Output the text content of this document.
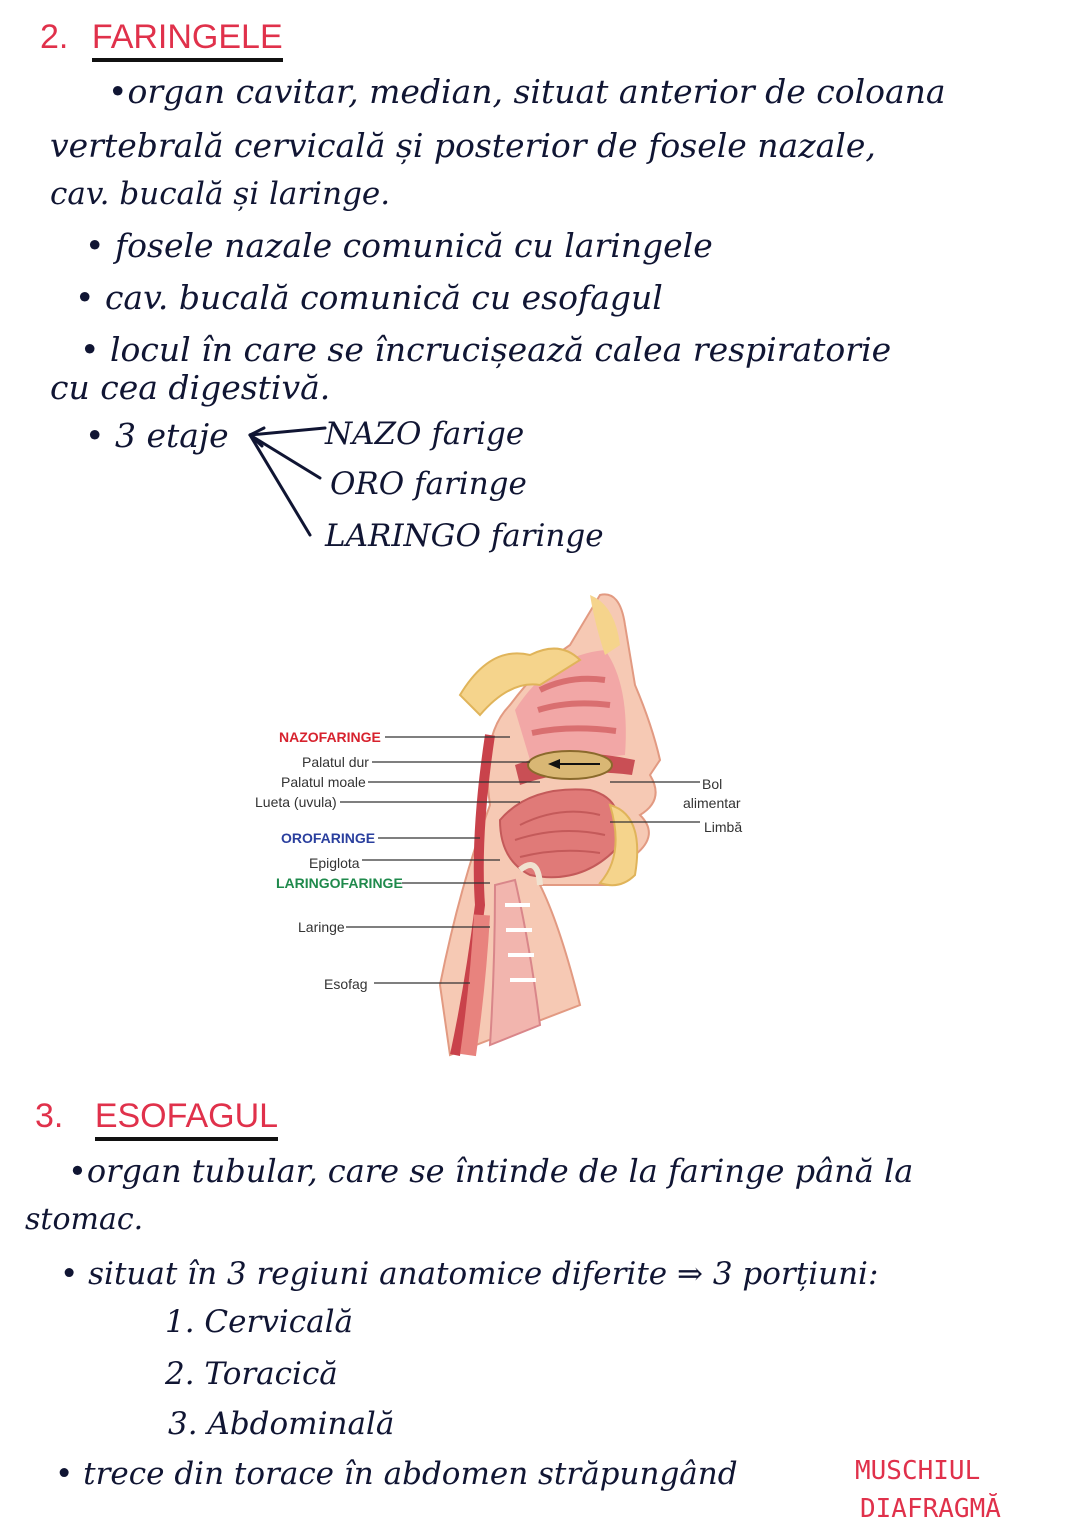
2. FARINGELE
•organ cavitar, median, situat anterior de coloana
vertebrală cervicală și posterior de fosele nazale,
cav. bucală și laringe.
• fosele nazale comunică cu laringele
• cav. bucală comunică cu esofagul
• locul în care se încrucișează calea respiratorie
cu cea digestivă.
• 3 etaje	NAZO farige
ORO faringe
LARINGO faringe
NAZOFARINGE
Palatul dur
Palatul moale
Lueta (uvula)
OROFARINGE
Epiglota
LARINGOFARINGE
Laringe
Esofag
Bol
alimentar
Limbă
3. ESOFAGUL
•organ tubular, care se întinde de la faringe până la
stomac.
• situat în 3 regiuni anatomice diferite ⇒ 3 porțiuni:
1. Cervicală
2. Toracică
3. Abdominală
• trece din torace în abdomen străpungând	MUSCHIUL
DIAFRAGMĂ
